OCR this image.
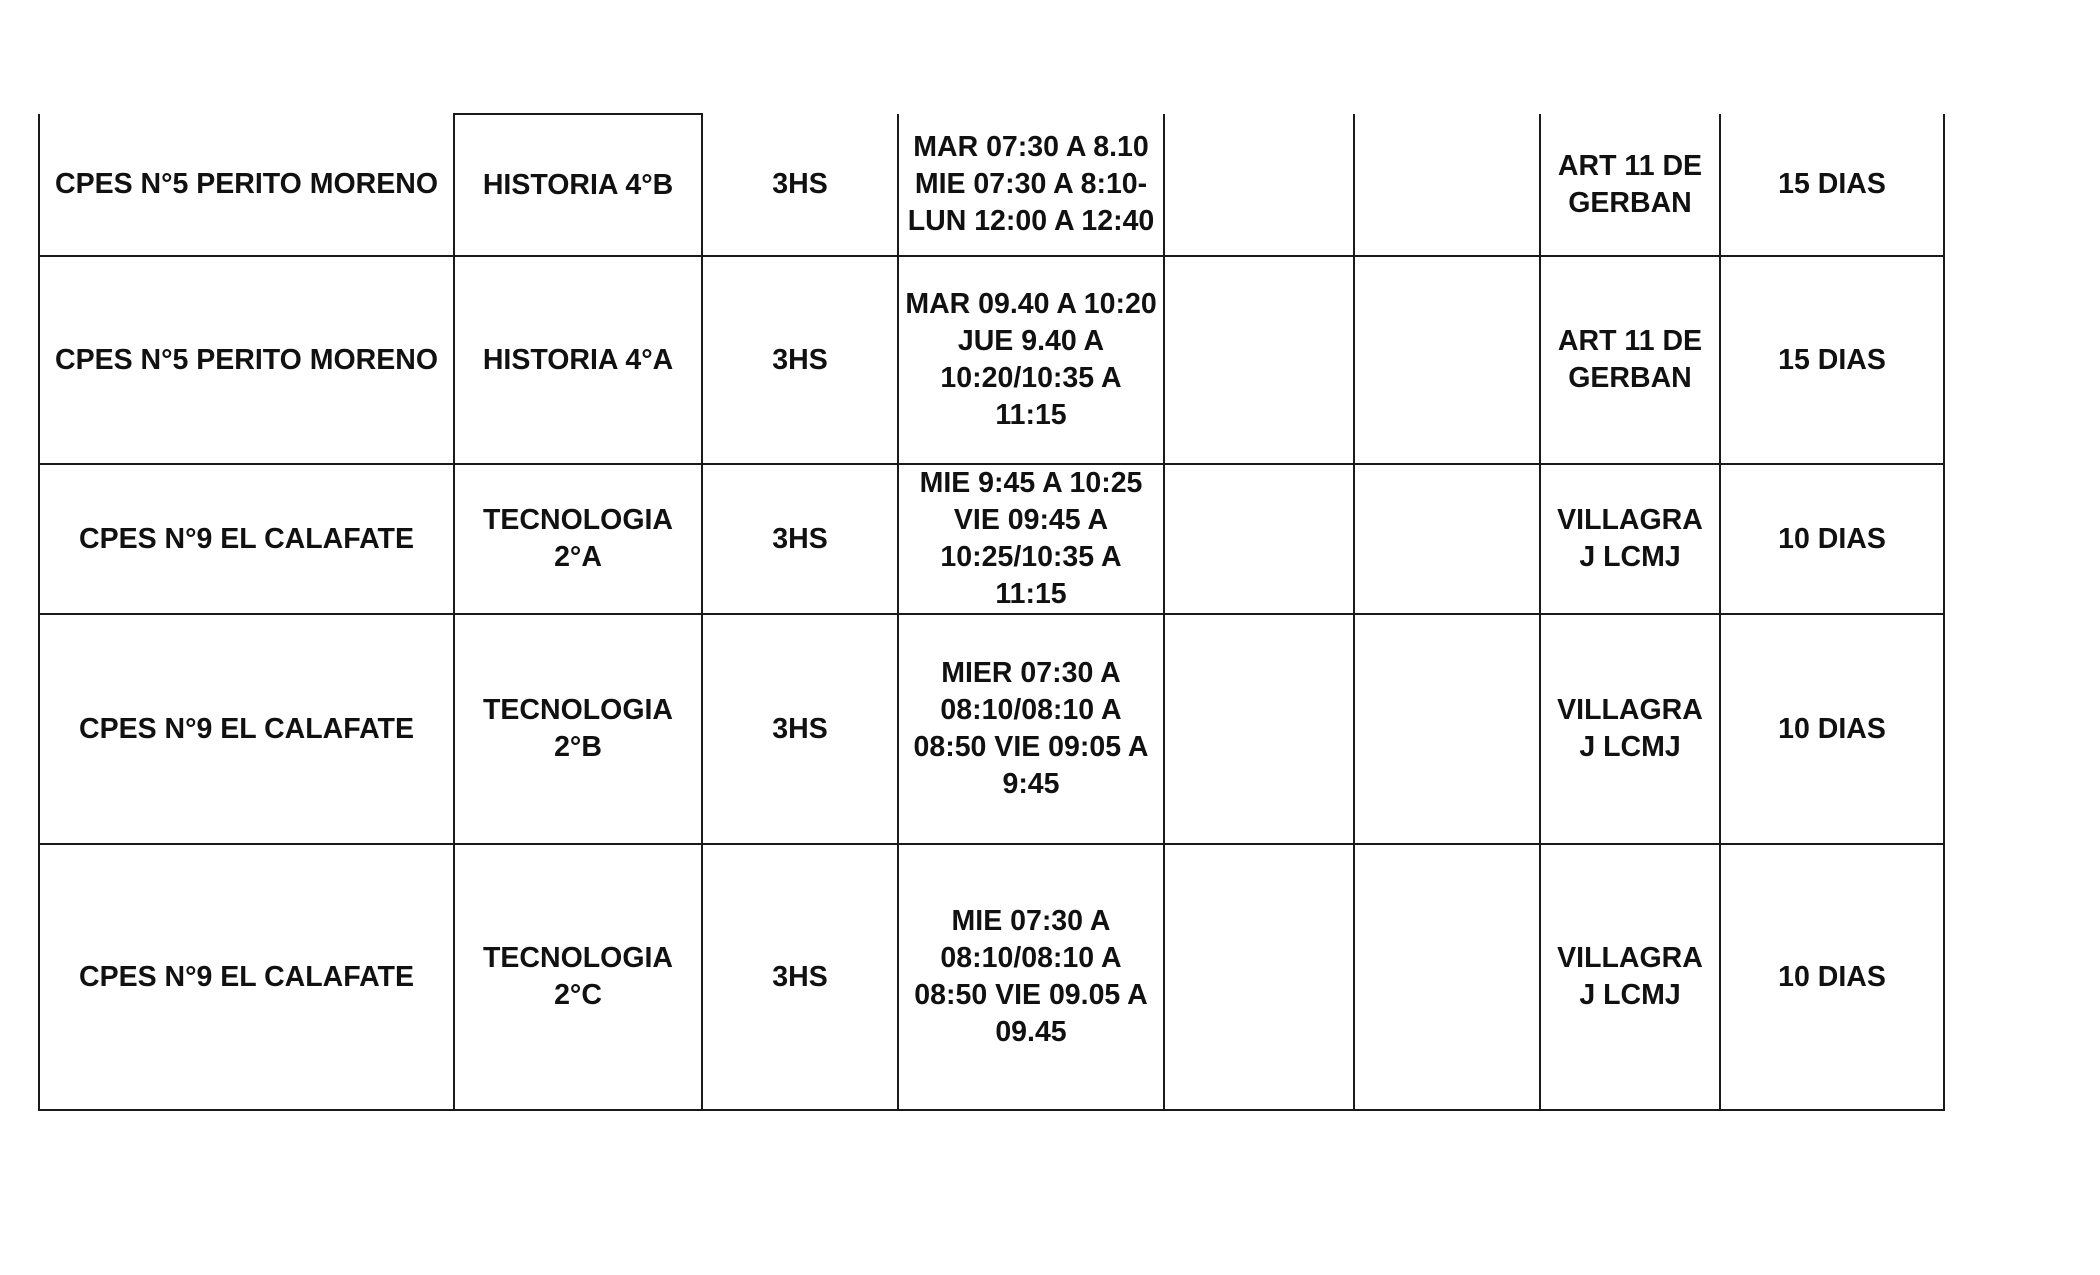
CPES N°5 PERITO MORENO	HISTORIA 4°B	3HS	MAR 07:30 A 8.10 MIE 07:30 A 8:10-LUN 12:00 A 12:40			ART 11 DE GERBAN	15 DIAS
CPES N°5 PERITO MORENO	HISTORIA 4°A	3HS	MAR 09.40 A 10:20 JUE 9.40 A 10:20/10:35 A 11:15			ART 11 DE GERBAN	15 DIAS
CPES N°9 EL CALAFATE	TECNOLOGIA 2°A	3HS	MIE 9:45 A 10:25 VIE 09:45 A 10:25/10:35 A 11:15			VILLAGRA J LCMJ	10 DIAS
CPES N°9 EL CALAFATE	TECNOLOGIA 2°B	3HS	MIER 07:30 A 08:10/08:10 A 08:50 VIE 09:05 A 9:45			VILLAGRA J LCMJ	10 DIAS
CPES N°9 EL CALAFATE	TECNOLOGIA 2°C	3HS	MIE 07:30 A 08:10/08:10 A 08:50 VIE 09.05 A 09.45			VILLAGRA J LCMJ	10 DIAS
